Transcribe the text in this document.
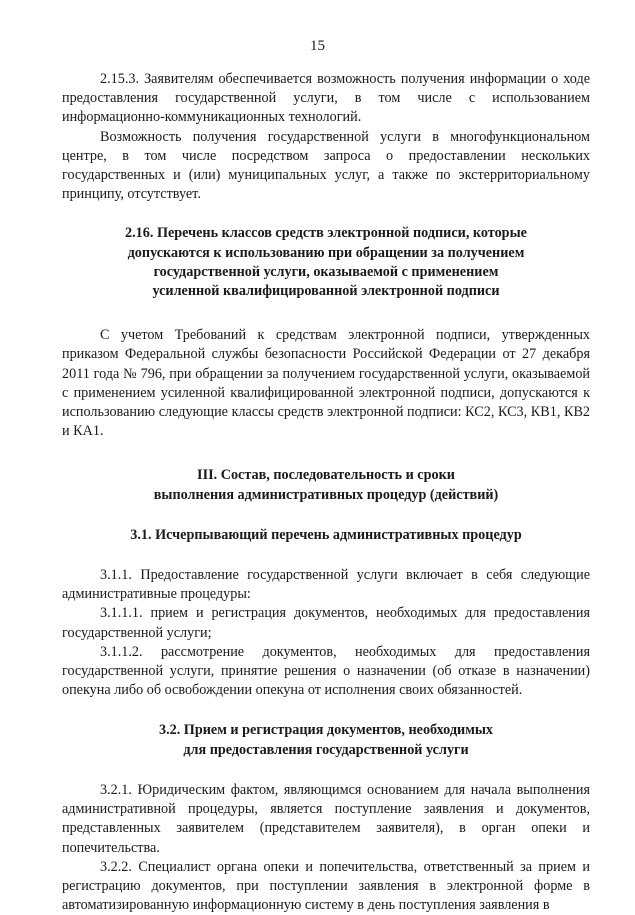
15

2.15.3. Заявителям обеспечивается возможность получения информации о ходе предоставления государственной услуги, в том числе с использованием информационно-коммуникационных технологий.

Возможность получения государственной услуги в многофункциональном центре, в том числе посредством запроса о предоставлении нескольких государственных и (или) муниципальных услуг, а также по экстерриториальному принципу, отсутствует.

2.16. Перечень классов средств электронной подписи, которые
допускаются к использованию при обращении за получением
государственной услуги, оказываемой с применением
усиленной квалифицированной электронной подписи

С учетом Требований к средствам электронной подписи, утвержденных приказом Федеральной службы безопасности Российской Федерации от 27 декабря 2011 года № 796, при обращении за получением государственной услуги, оказываемой с применением усиленной квалифицированной электронной подписи, допускаются к использованию следующие классы средств электронной подписи: КС2, КС3, КВ1, КВ2 и КА1.

III. Состав, последовательность и сроки
выполнения административных процедур (действий)
3.1. Исчерпывающий перечень административных процедур

3.1.1. Предоставление государственной услуги включает в себя следующие административные процедуры:

3.1.1.1. прием и регистрация документов, необходимых для предоставления государственной услуги;

3.1.1.2. рассмотрение документов, необходимых для предоставления государственной услуги, принятие решения о назначении (об отказе в назначении) опекуна либо об освобождении опекуна от исполнения своих обязанностей.

3.2. Прием и регистрация документов, необходимых
для предоставления государственной услуги

3.2.1. Юридическим фактом, являющимся основанием для начала выполнения административной процедуры, является поступление заявления и документов, представленных заявителем (представителем заявителя), в орган опеки и попечительства.

3.2.2. Специалист органа опеки и попечительства, ответственный за прием и регистрацию документов, при поступлении заявления в электронной форме в автоматизированную информационную систему в день поступления заявления в
